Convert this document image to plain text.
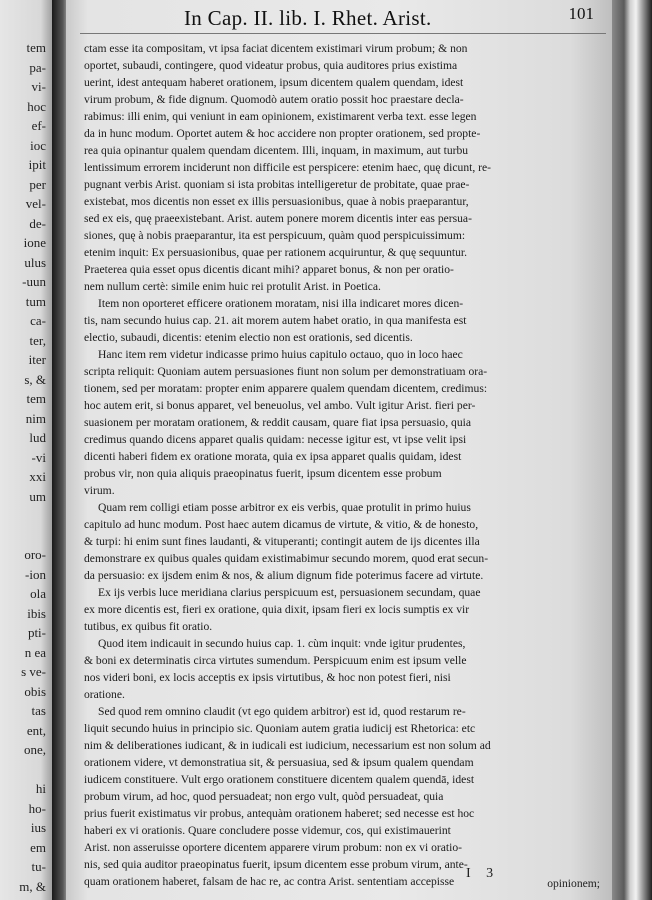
tem
pa-
vi-
hoc
ef-
ioc
ipit
per
vel-
de-
ione
ulus
-uun
tum
ca-
ter,
iter
s, &
tem
nim
lud
-vi
xxi
um
oro-
-ion
ola
ibis
pti-
n ea
s ve-
obis
tas
ent,
one,
hi
ho-
ius
em
tu-
m, &
In Cap. II. lib. I. Rhet. Arist.	101
ctam esse ita compositam, vt ipsa faciat dicentem existimari virum probum; & non
oportet, subaudi, contingere, quod videatur probus, quia auditores prius existima
uerint, idest antequam haberet orationem, ipsum dicentem qualem quendam, idest
virum probum, & fide dignum. Quomodò autem oratio possit hoc praestare decla-
rabimus: illi enim, qui veniunt in eam opinionem, existimarent verba text. esse legen
da in hunc modum. Oportet autem & hoc accidere non propter orationem, sed propte-
rea quia opinantur qualem quendam dicentem. Illi, inquam, in maximum, aut turbu
lentissimum errorem inciderunt non difficile est perspicere: etenim haec, quę dicunt, re-
pugnant verbis Arist. quoniam si ista probitas intelligeretur de probitate, quae prae-
existebat, mos dicentis non esset ex illis persuasionibus, quae à nobis praeparantur,
sed ex eis, quę praeexistebant. Arist. autem ponere morem dicentis inter eas persua-
siones, quę à nobis praeparantur, ita est perspicuum, quàm quod perspicuissimum:
etenim inquit: Ex persuasionibus, quae per rationem acquiruntur, & quę sequuntur.
Praeterea quia esset opus dicentis dicant mihi? apparet bonus, & non per oratio-
nem nullum certè: simile enim huic rei protulit Arist. in Poetica.
Item non oporteret efficere orationem moratam, nisi illa indicaret mores dicen-
tis, nam secundo huius cap. 21. ait morem autem habet oratio, in qua manifesta est
electio, subaudi, dicentis: etenim electio non est orationis, sed dicentis.
Hanc item rem videtur indicasse primo huius capitulo octauo, quo in loco haec
scripta reliquit: Quoniam autem persuasiones fiunt non solum per demonstratiuam ora-
tionem, sed per moratam: propter enim apparere qualem quendam dicentem, credimus:
hoc autem erit, si bonus apparet, vel beneuolus, vel ambo. Vult igitur Arist. fieri per-
suasionem per moratam orationem, & reddit causam, quare fiat ipsa persuasio, quia
credimus quando dicens apparet qualis quidam: necesse igitur est, vt ipse velit ipsi
dicenti haberi fidem ex oratione morata, quia ex ipsa apparet qualis quidam, idest
probus vir, non quia aliquis praeopinatus fuerit, ipsum dicentem esse probum
virum.
Quam rem colligi etiam posse arbitror ex eis verbis, quae protulit in primo huius
capitulo ad hunc modum. Post haec autem dicamus de virtute, & vitio, & de honesto,
& turpi: hi enim sunt fines laudanti, & vituperanti; contingit autem de ijs dicentes illa
demonstrare ex quibus quales quidam existimabimur secundo morem, quod erat secun-
da persuasio: ex ijsdem enim & nos, & alium dignum fide poterimus facere ad virtute.
Ex ijs verbis luce meridiana clarius perspicuum est, persuasionem secundam, quae
ex more dicentis est, fieri ex oratione, quia dixit, ipsam fieri ex locis sumptis ex vir
tutibus, ex quibus fit oratio.
Quod item indicauit in secundo huius cap. 1. cùm inquit: vnde igitur prudentes,
& boni ex determinatis circa virtutes sumendum. Perspicuum enim est ipsum velle
nos videri boni, ex locis acceptis ex ipsis virtutibus, & hoc non potest fieri, nisi
oratione.
Sed quod rem omnino claudit (vt ego quidem arbitror) est id, quod restarum re-
liquit secundo huius in principio sic. Quoniam autem gratia iudicij est Rhetorica: etc
nim & deliberationes iudicant, & in iudicali est iudicium, necessarium est non solum ad
orationem videre, vt demonstratiua sit, & persuasiua, sed & ipsum qualem quendam
iudicem constituere. Vult ergo orationem constituere dicentem qualem quendā, idest
probum virum, ad hoc, quod persuadeat; non ergo vult, quòd persuadeat, quia
prius fuerit existimatus vir probus, antequàm orationem haberet; sed necesse est hoc
haberi ex vi orationis. Quare concludere posse videmur, cos, qui existimauerint
Arist. non asseruisse oportere dicentem apparere virum probum: non ex vi oratio-
nis, sed quia auditor praeopinatus fuerit, ipsum dicentem esse probum virum, ante-
quam orationem haberet, falsam de hac re, ac contra Arist. sententiam accepisse
I 3
opinionem;
